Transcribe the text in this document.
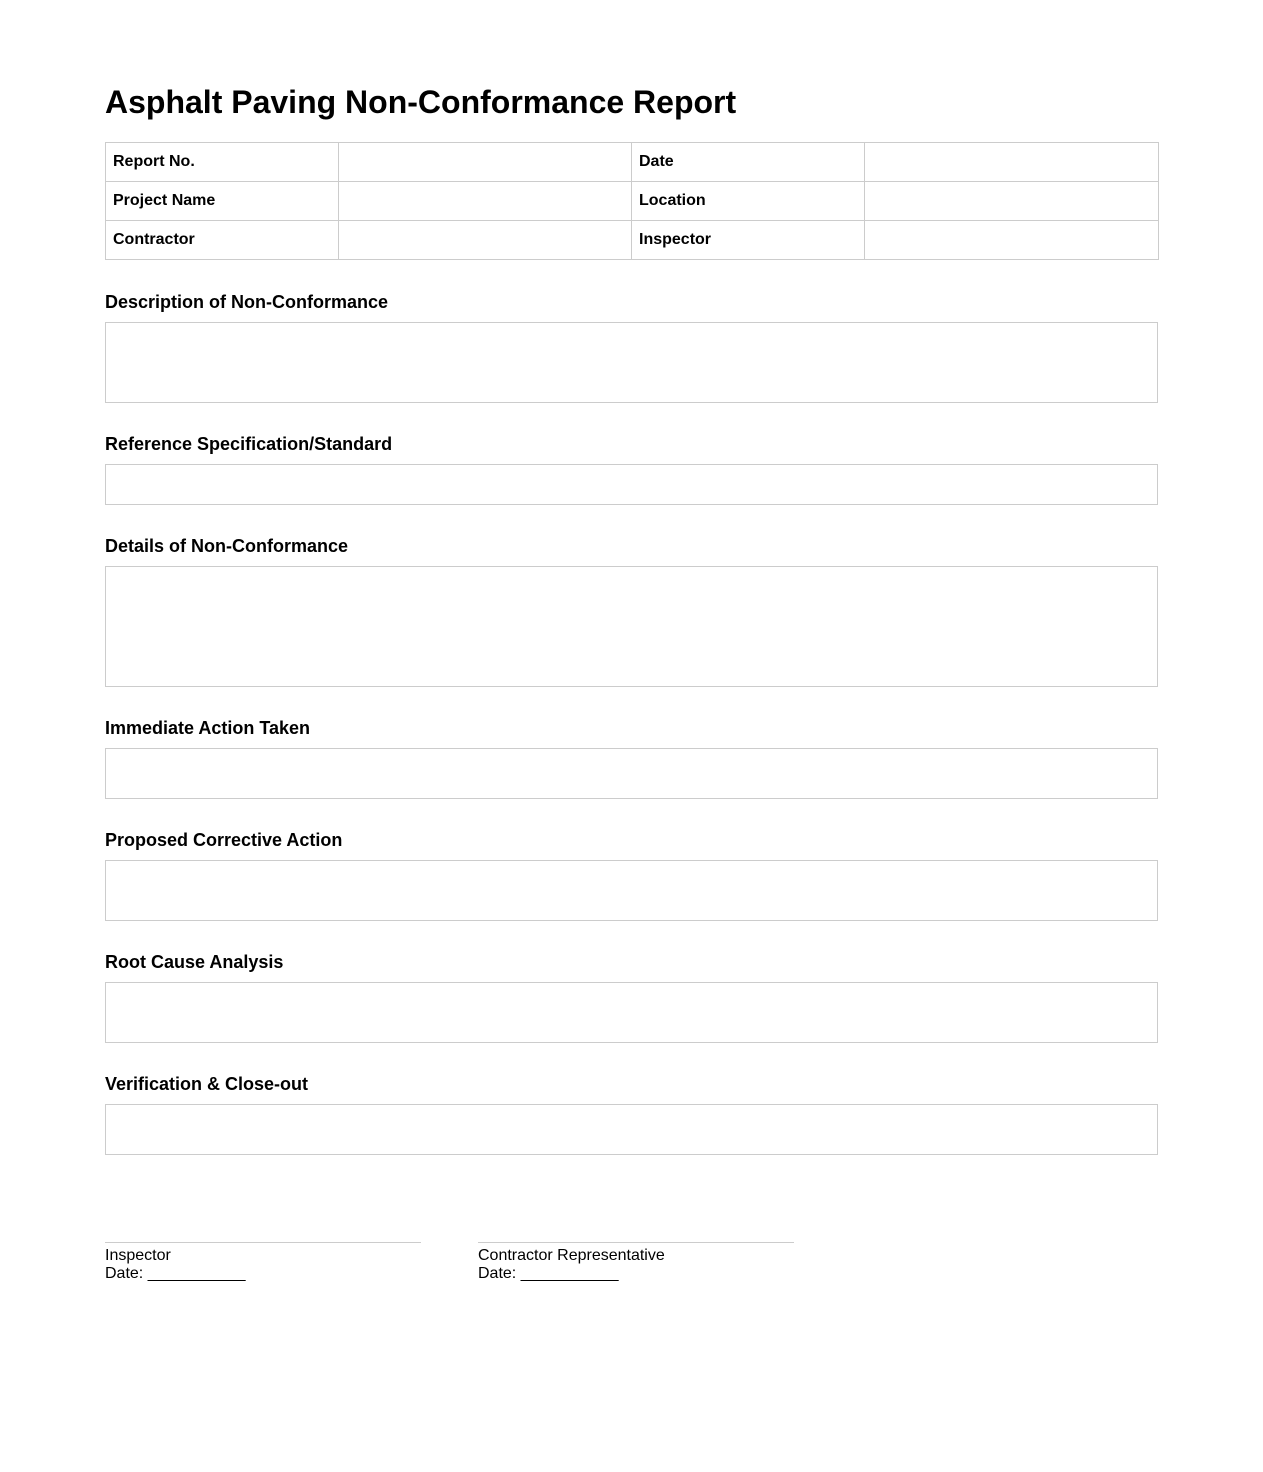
Asphalt Paving Non-Conformance Report
Report No.		Date	
Project Name		Location	
Contractor		Inspector	

Description of Non-Conformance

Reference Specification/Standard

Details of Non-Conformance

Immediate Action Taken

Proposed Corrective Action

Root Cause Analysis

Verification & Close-out

Inspector
Date: ___________
Contractor Representative
Date: ___________
